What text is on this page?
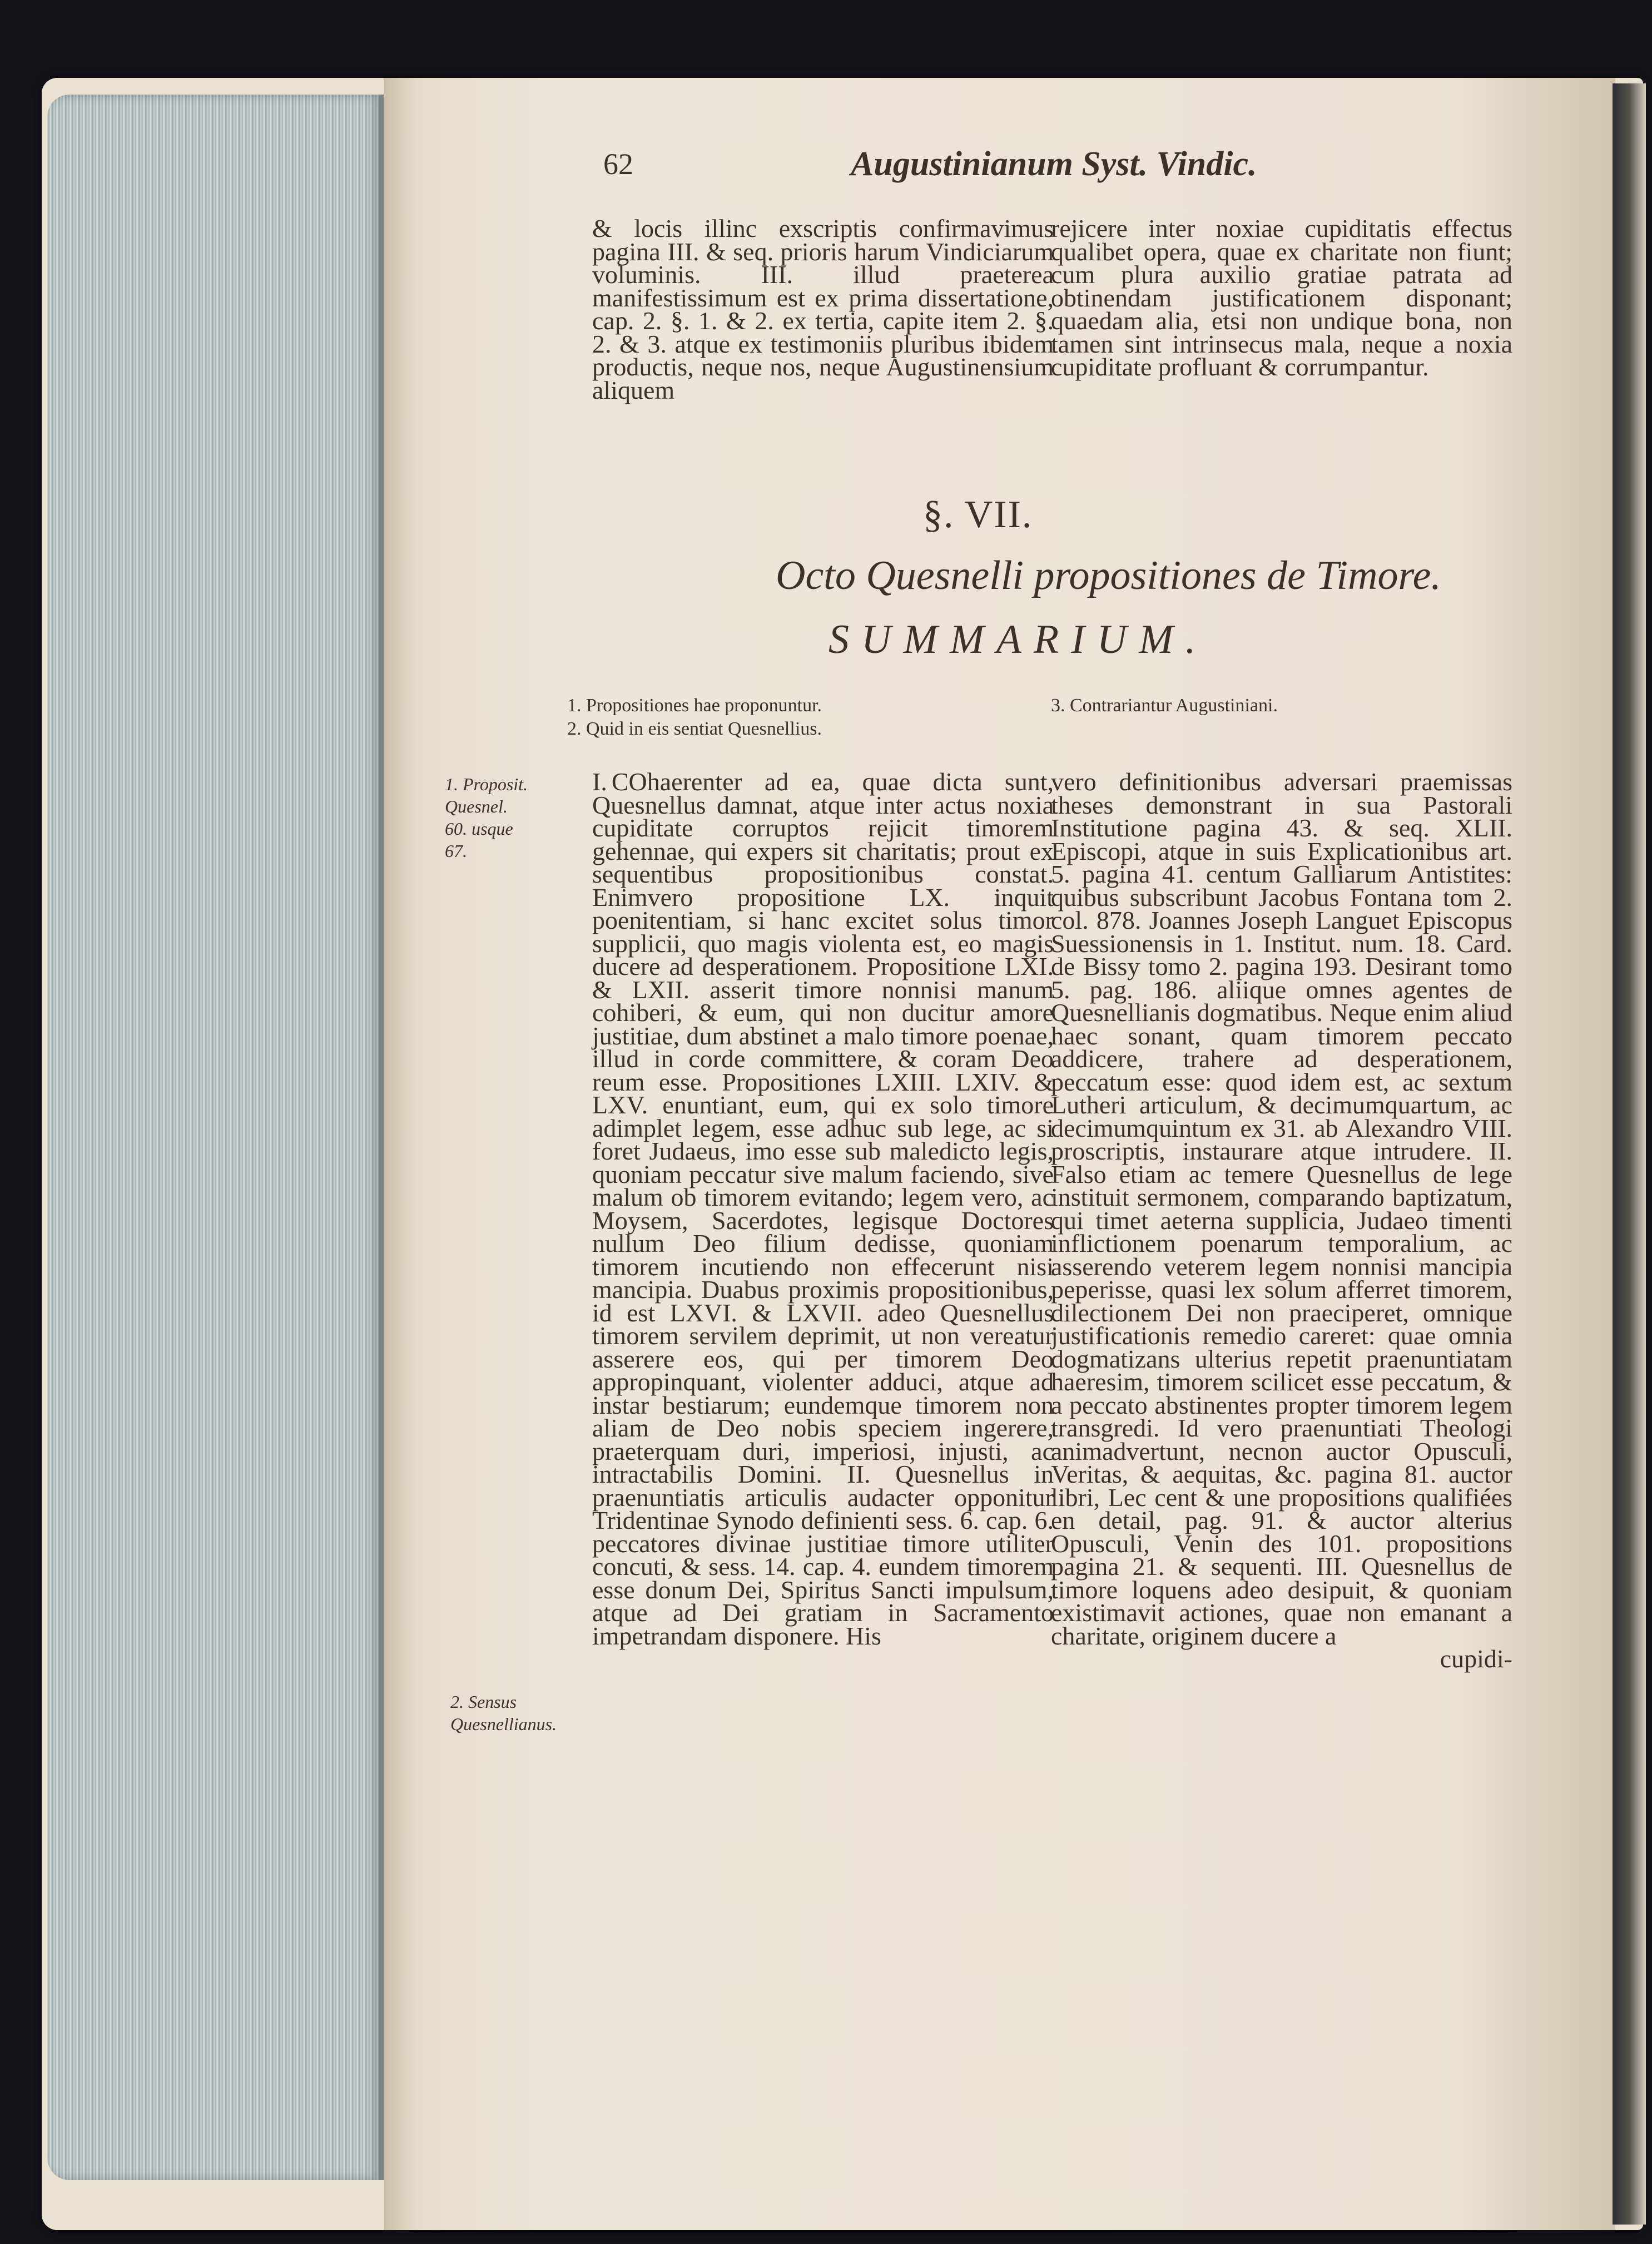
62	Augustinianum Syst. Vindic.

& locis illinc exscriptis confirmavimus pagina III. & seq. prioris harum Vindiciarum voluminis. III. illud praeterea manifestissimum est ex prima dissertatione, cap. 2. §. 1. & 2. ex tertia, capite item 2. §. 2. & 3. atque ex testimoniis pluribus ibidem productis, neque nos, neque Augustinensium aliquem

rejicere inter noxiae cupiditatis effectus qualibet opera, quae ex charitate non fiunt; cum plura auxilio gratiae patrata ad obtinendam justificationem disponant; quaedam alia, etsi non undique bona, non tamen sint intrinsecus mala, neque a noxia cupiditate profluant & corrumpantur.

§. VII.
Octo Quesnelli propositiones de Timore.
SUMMARIUM.
1. Propositiones hae proponuntur.
2. Quid in eis sentiat Quesnellius.
3. Contrariantur Augustiniani.
1. Proposit. Quesnel. 60. usque 67.
2. Sensus Quesnellianus.
I. COhaerenter ad ea, quae dicta sunt, Quesnellus damnat, atque inter actus noxia cupiditate corruptos rejicit timorem gehennae, qui expers sit charitatis; prout ex sequentibus propositionibus constat. Enimvero propositione LX. inquit poenitentiam, si hanc excitet solus timor supplicii, quo magis violenta est, eo magis ducere ad desperationem. Propositione LXI. & LXII. asserit timore nonnisi manum cohiberi, & eum, qui non ducitur amore justitiae, dum abstinet a malo timore poenae, illud in corde committere, & coram Deo reum esse. Propositiones LXIII. LXIV. & LXV. enuntiant, eum, qui ex solo timore adimplet legem, esse adhuc sub lege, ac si foret Judaeus, imo esse sub maledicto legis, quoniam peccatur sive malum faciendo, sive malum ob timorem evitando; legem vero, ac Moysem, Sacerdotes, legisque Doctores nullum Deo filium dedisse, quoniam timorem incutiendo non effecerunt nisi mancipia. Duabus proximis propositionibus, id est LXVI. & LXVII. adeo Quesnellus timorem servilem deprimit, ut non vereatur asserere eos, qui per timorem Deo appropinquant, violenter adduci, atque ad instar bestiarum; eundemque timorem non aliam de Deo nobis speciem ingerere, praeterquam duri, imperiosi, injusti, ac intractabilis Domini. II. Quesnellus in praenuntiatis articulis audacter opponitur Tridentinae Synodo definienti sess. 6. cap. 6. peccatores divinae justitiae timore utiliter concuti, & sess. 14. cap. 4. eundem timorem esse donum Dei, Spiritus Sancti impulsum, atque ad Dei gratiam in Sacramento impetrandam disponere. His

vero definitionibus adversari praemissas theses demonstrant in sua Pastorali Institutione pagina 43. & seq. XLII. Episcopi, atque in suis Explicationibus art. 5. pagina 41. centum Galliarum Antistites: quibus subscribunt Jacobus Fontana tom 2. col. 878. Joannes Joseph Languet Episcopus Suessionensis in 1. Institut. num. 18. Card. de Bissy tomo 2. pagina 193. Desirant tomo 5. pag. 186. aliique omnes agentes de Quesnellianis dogmatibus. Neque enim aliud haec sonant, quam timorem peccato addicere, trahere ad desperationem, peccatum esse: quod idem est, ac sextum Lutheri articulum, & decimumquartum, ac decimumquintum ex 31. ab Alexandro VIII. proscriptis, instaurare atque intrudere. II. Falso etiam ac temere Quesnellus de lege instituit sermonem, comparando baptizatum, qui timet aeterna supplicia, Judaeo timenti inflictionem poenarum temporalium, ac asserendo veterem legem nonnisi mancipia peperisse, quasi lex solum afferret timorem, dilectionem Dei non praeciperet, omnique justificationis remedio careret: quae omnia dogmatizans ulterius repetit praenuntiatam haeresim, timorem scilicet esse peccatum, & a peccato abstinentes propter timorem legem transgredi. Id vero praenuntiati Theologi animadvertunt, necnon auctor Opusculi, Veritas, & aequitas, &c. pagina 81. auctor libri, Lec cent & une propositions qualifiées en detail, pag. 91. & auctor alterius Opusculi, Venin des 101. propositions pagina 21. & sequenti. III. Quesnellus de timore loquens adeo desipuit, & quoniam existimavit actiones, quae non emanant a charitate, originem ducere a

cupidi-
